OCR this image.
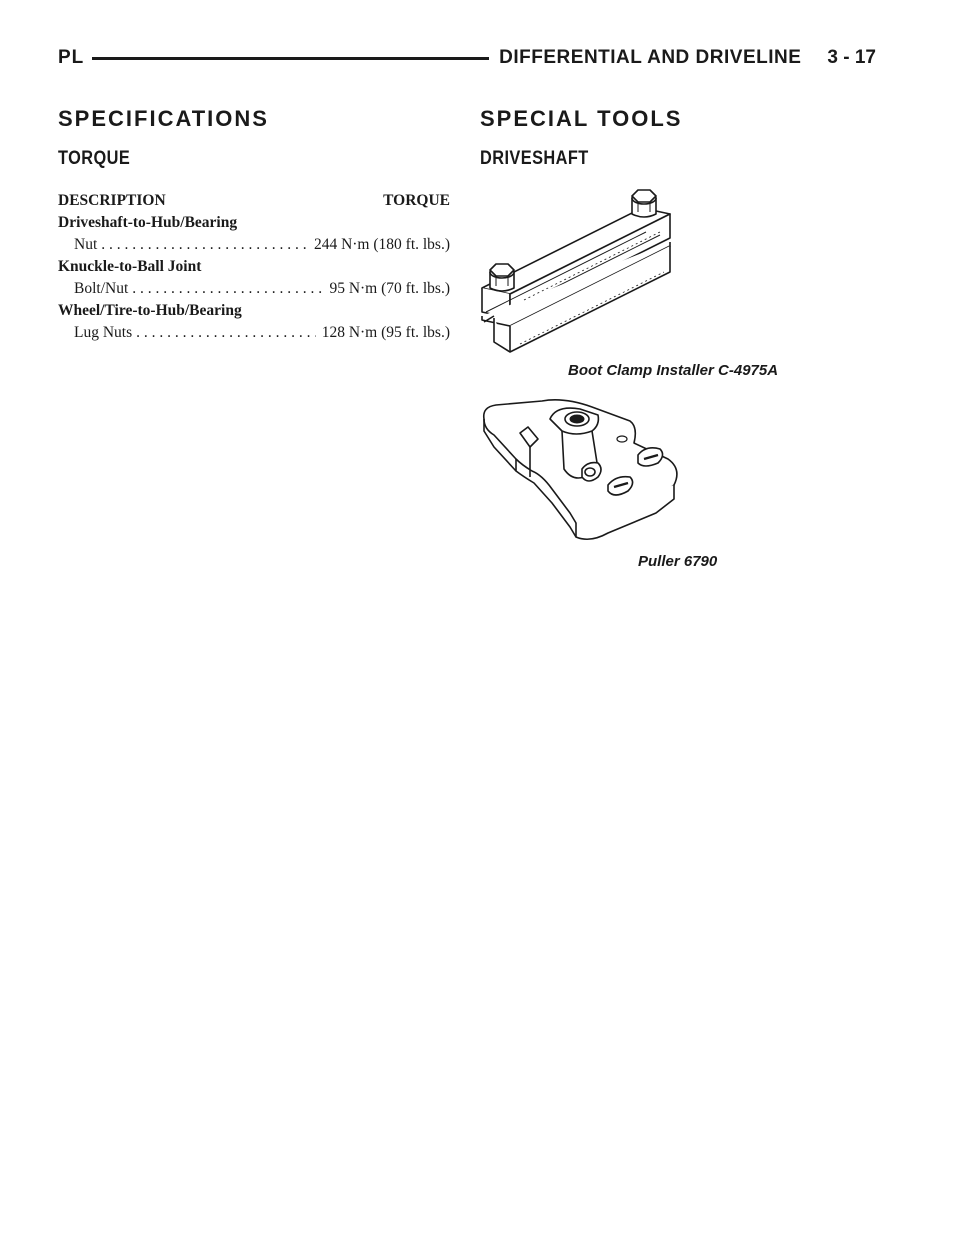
PL	DIFFERENTIAL AND DRIVELINE 3 - 17
SPECIFICATIONS
TORQUE
DESCRIPTION	TORQUE
Driveshaft-to-Hub/Bearing
Nut . . .	244 N·m (180 ft. lbs.)
Knuckle-to-Ball Joint
Bolt/Nut . . .	95 N·m (70 ft. lbs.)
Wheel/Tire-to-Hub/Bearing
Lug Nuts . . .	128 N·m (95 ft. lbs.)
SPECIAL TOOLS
DRIVESHAFT
Boot Clamp Installer C-4975A
Puller 6790
